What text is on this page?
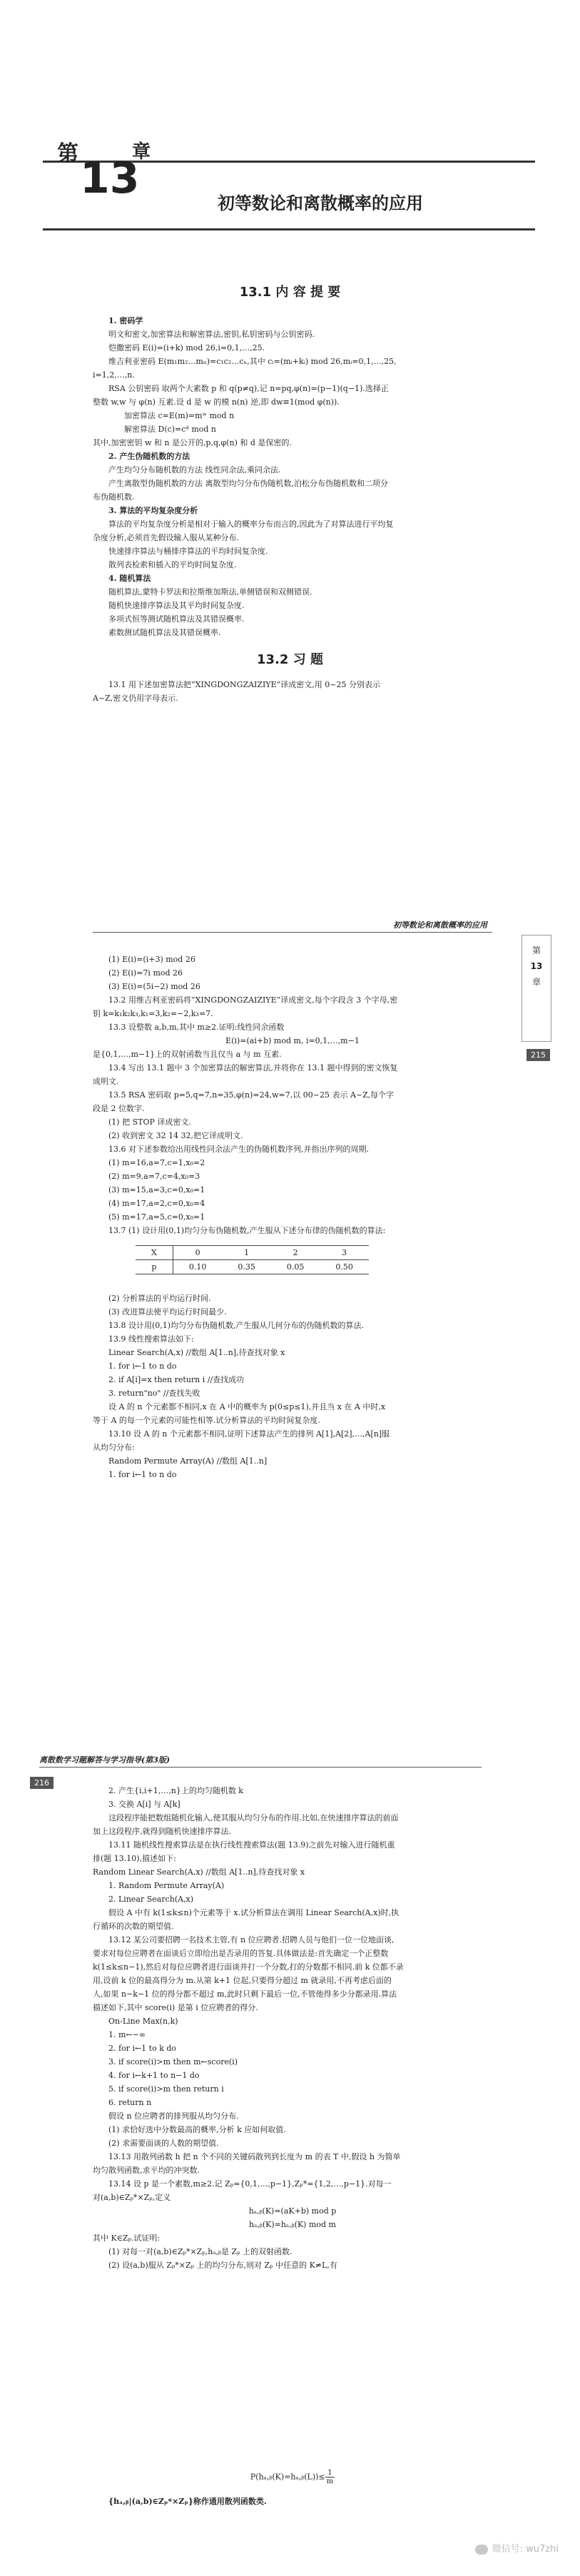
第 13
章
初等数论和离散概率的应用
13.1 内 容 提 要
1. 密码学
明文和密文,加密算法和解密算法,密钥,私钥密码与公钥密码.
恺撒密码 E(i)=(i+k) mod 26,i=0,1,…,25.
维吉利亚密码 E(m₁m₂…mₙ)=c₁c₂…cₙ,其中 cᵢ=(mᵢ+kᵢ) mod 26,mᵢ=0,1,…,25,
i=1,2,…,n.
RSA 公钥密码 取两个大素数 p 和 q(p≠q),记 n=pq,φ(n)=(p−1)(q−1).选择正
整数 w,w 与 φ(n) 互素.设 d 是 w 的模 n(n) 逆,即 dw≡1(mod φ(n)).
加密算法 c=E(m)=mʷ mod n
解密算法 D(c)=cᵈ mod n
其中,加密密钥 w 和 n 是公开的,p,q,φ(n) 和 d 是保密的.
2. 产生伪随机数的方法
产生均匀分布随机数的方法 线性同余法,乘同余法.
产生离散型伪随机数的方法 离散型均匀分布伪随机数,泊松分布伪随机数和二项分
布伪随机数.
3. 算法的平均复杂度分析
算法的平均复杂度分析是相对于输入的概率分布而言的,因此为了对算法进行平均复
杂度分析,必须首先假设输入服从某种分布.
快速排序算法与桶排序算法的平均时间复杂度.
散列表检索和插入的平均时间复杂度.
4. 随机算法
随机算法,蒙特卡罗法和拉斯维加斯法,单侧错误和双侧错误.
随机快速排序算法及其平均时间复杂度.
多项式恒等测试随机算法及其错误概率.
素数测试随机算法及其错误概率.
13.2 习 题
13.1 用下述加密算法把“XINGDONGZAIZIYE”译成密文,用 0~25 分别表示
A~Z,密文仍用字母表示.
初等数论和离散概率的应用
第
13
章
215
(1) E(i)=(i+3) mod 26
(2) E(i)=7i mod 26
(3) E(i)=(5i−2) mod 26
13.2 用维吉利亚密码将“XINGDONGZAIZIYE”译成密文,每个字段含 3 个字母,密
钥 k=k₁k₂k₃,k₁=3,k₂=−2,k₃=7.
13.3 设整数 a,b,m,其中 m≥2.证明:线性同余函数
E(i)=(ai+b) mod m, i=0,1,…,m−1
是{0,1,…,m−1}上的双射函数当且仅当 a 与 m 互素.
13.4 写出 13.1 题中 3 个加密算法的解密算法,并将你在 13.1 题中得到的密文恢复
成明文.
13.5 RSA 密码取 p=5,q=7,n=35,φ(n)=24,w=7,以 00~25 表示 A~Z,每个字
段是 2 位数字.
(1) 把 STOP 译成密文.
(2) 收到密文 32 14 32,把它译成明文.
13.6 对下述参数给出用线性同余法产生的伪随机数序列,并指出序列的周期.
(1) m=16,a=7,c=1,x₀=2
(2) m=9,a=7,c=4,x₀=3
(3) m=15,a=3,c=0,x₀=1
(4) m=17,a=2,c=0,x₀=4
(5) m=17,a=5,c=0,x₀=1
13.7 (1) 设计用(0,1)均匀分布伪随机数,产生服从下述分布律的伪随机数的算法:
X	0	1	2	3
p	0.10	0.35	0.05	0.50
(2) 分析算法的平均运行时间.
(3) 改进算法使平均运行时间最少.
13.8 设计用(0,1)均匀分布伪随机数,产生服从几何分布的伪随机数的算法.
13.9 线性搜索算法如下:
Linear Search(A,x) //数组 A[1..n],待查找对象 x
1. for i←1 to n do
2. if A[i]=x then return i //查找成功
3. return"no" //查找失败
设 A 的 n 个元素都不相同,x 在 A 中的概率为 p(0≤p≤1),并且当 x 在 A 中时,x
等于 A 的每一个元素的可能性相等.试分析算法的平均时间复杂度.
13.10 设 A 的 n 个元素都不相同,证明下述算法产生的排列 A[1],A[2],…,A[n]服
从均匀分布:
Random Permute Array(A) //数组 A[1..n]
1. for i←1 to n do
离散数学习题解答与学习指导(第3版)
216
2. 产生{i,i+1,…,n}上的均匀随机数 k
3. 交换 A[i] 与 A[k]
这段程序能把数组随机化输入,使其服从均匀分布的作用.比如,在快速排序算法的前面
加上这段程序,就得到随机快速排序算法.
13.11 随机线性搜索算法是在执行线性搜索算法(题 13.9)之前先对输入进行随机重
排(题 13.10),描述如下:
Random Linear Search(A,x) //数组 A[1..n],待查找对象 x
1. Random Permute Array(A)
2. Linear Search(A,x)
假设 A 中有 k(1≤k≤n)个元素等于 x.试分析算法在调用 Linear Search(A,x)时,执
行循环的次数的期望值.
13.12 某公司要招聘一名技术主管,有 n 位应聘者.招聘人员与他们一位一位地面谈,
要求对每位应聘者在面谈后立即给出是否录用的答复.具体做法是:首先确定一个正整数
k(1≤k≤n−1),然后对每位应聘者进行面谈并打一个分数,打的分数都不相同.前 k 位都不录
用,设前 k 位的最高得分为 m.从第 k+1 位起,只要得分超过 m 就录用,不再考虑后面的
人,如果 n−k−1 位的得分都不超过 m,此时只剩下最后一位,不管他得多少分都录用.算法
描述如下,其中 score(i) 是第 i 位应聘者的得分.
On-Line Max(n,k)
1. m←−∞
2. for i←1 to k do
3. if score(i)>m then m←score(i)
4. for i←k+1 to n−1 do
5. if score(i)>m then return i
6. return n
假设 n 位应聘者的排列服从均匀分布.
(1) 求恰好选中分数最高的概率,分析 k 应如何取值.
(2) 求需要面谈的人数的期望值.
13.13 用散列函数 h 把 n 个不同的关键码散列到长度为 m 的表 T 中,假设 h 为简单
均匀散列函数,求平均的冲突数.
13.14 设 p 是一个素数,m≥2.记 Zₚ={0,1,…,p−1},Zₚ*={1,2,…,p−1}.对每一
对(a,b)∈Zₚ*×Zₚ,定义
hₐ,ᵦ(K)=(aK+b) mod p
hₐ,ᵦ(K)=hₐ,ᵦ(K) mod m
其中 K∈Zₚ.试证明:
(1) 对每一对(a,b)∈Zₚ*×Zₚ,hₐ,ᵦ是 Zₚ 上的双射函数.
(2) 设(a,b)服从 Zₚ*×Zₚ 上的均匀分布,则对 Zₚ 中任意的 K≠L,有
P(hₐ,ᵦ(K)=hₐ,ᵦ(L))≤ $\frac{1}{m}$
{hₐ,ᵦ|(a,b)∈Zₚ*×Zₚ}称作通用散列函数类.
微信号: wu7zhi
